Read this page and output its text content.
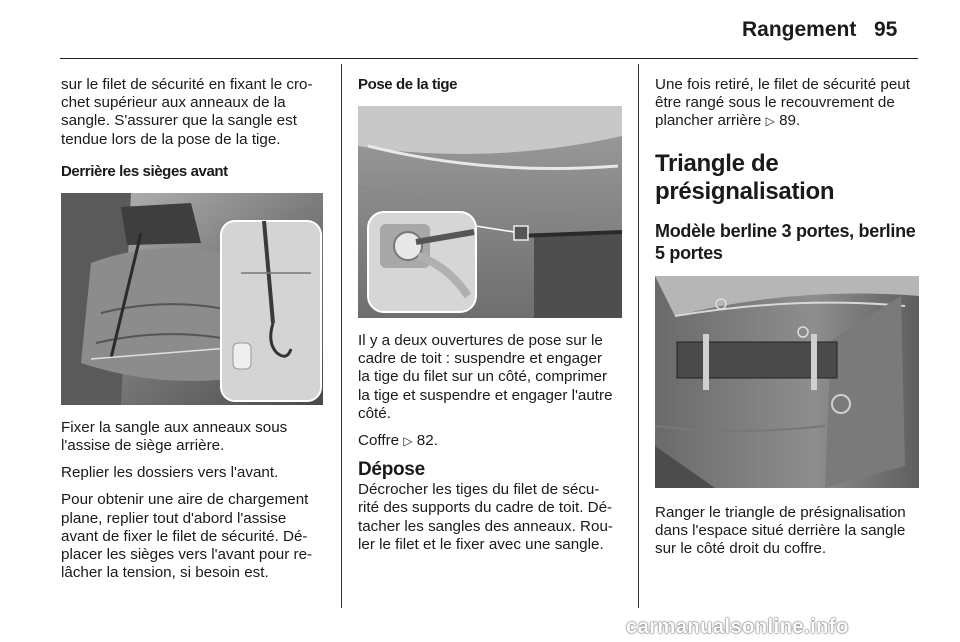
Rangement 95

sur le filet de sécurité en fixant le cro-
chet supérieur aux anneaux de la
sangle. S'assurer que la sangle est
tendue lors de la pose de la tige.

Derrière les sièges avant

Fixer la sangle aux anneaux sous
l'assise de siège arrière.

Replier les dossiers vers l'avant.

Pour obtenir une aire de chargement
plane, replier tout d'abord l'assise
avant de fixer le filet de sécurité. Dé-
placer les sièges vers l'avant pour re-
lâcher la tension, si besoin est.

Pose de la tige

Il y a deux ouvertures de pose sur le
cadre de toit : suspendre et engager
la tige du filet sur un côté, comprimer
la tige et suspendre et engager l'autre
côté.

Coffre ▷ 82.

Dépose

Décrocher les tiges du filet de sécu-
rité des supports du cadre de toit. Dé-
tacher les sangles des anneaux. Rou-
ler le filet et le fixer avec une sangle.

Une fois retiré, le filet de sécurité peut
être rangé sous le recouvrement de
plancher arrière ▷ 89.

Triangle de
présignalisation
Modèle berline 3 portes, berline
5 portes

Ranger le triangle de présignalisation
dans l'espace situé derrière la sangle
sur le côté droit du coffre.

carmanualsonline.info
